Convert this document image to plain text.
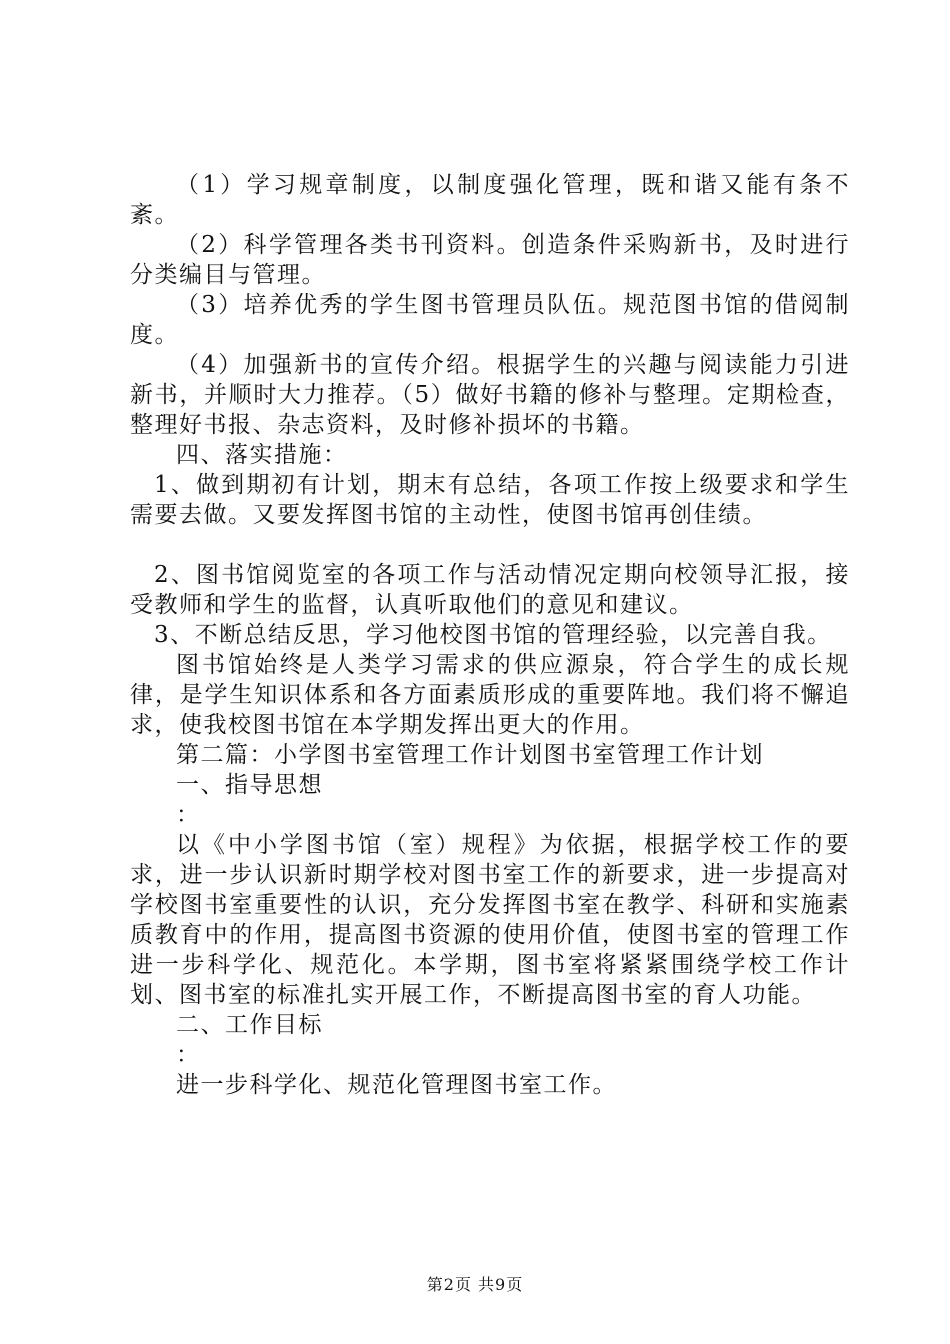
（1）学习规章制度，以制度强化管理，既和谐又能有条不紊。

（2）科学管理各类书刊资料。创造条件采购新书，及时进行分类编目与管理。

（3）培养优秀的学生图书管理员队伍。规范图书馆的借阅制度。

（4）加强新书的宣传介绍。根据学生的兴趣与阅读能力引进新书，并顺时大力推荐。（5）做好书籍的修补与整理。定期检查，整理好书报、杂志资料，及时修补损坏的书籍。

四、落实措施：

1、做到期初有计划，期末有总结，各项工作按上级要求和学生需要去做。又要发挥图书馆的主动性，使图书馆再创佳绩。

2、图书馆阅览室的各项工作与活动情况定期向校领导汇报，接受教师和学生的监督，认真听取他们的意见和建议。

3、不断总结反思，学习他校图书馆的管理经验，以完善自我。

图书馆始终是人类学习需求的供应源泉，符合学生的成长规律，是学生知识体系和各方面素质形成的重要阵地。我们将不懈追求，使我校图书馆在本学期发挥出更大的作用。

第二篇：小学图书室管理工作计划图书室管理工作计划

一、指导思想

：

以《中小学图书馆（室）规程》为依据，根据学校工作的要求，进一步认识新时期学校对图书室工作的新要求，进一步提高对学校图书室重要性的认识，充分发挥图书室在教学、科研和实施素质教育中的作用，提高图书资源的使用价值，使图书室的管理工作进一步科学化、规范化。本学期，图书室将紧紧围绕学校工作计划、图书室的标准扎实开展工作，不断提高图书室的育人功能。

二、工作目标

：

进一步科学化、规范化管理图书室工作。

第2页 共9页
